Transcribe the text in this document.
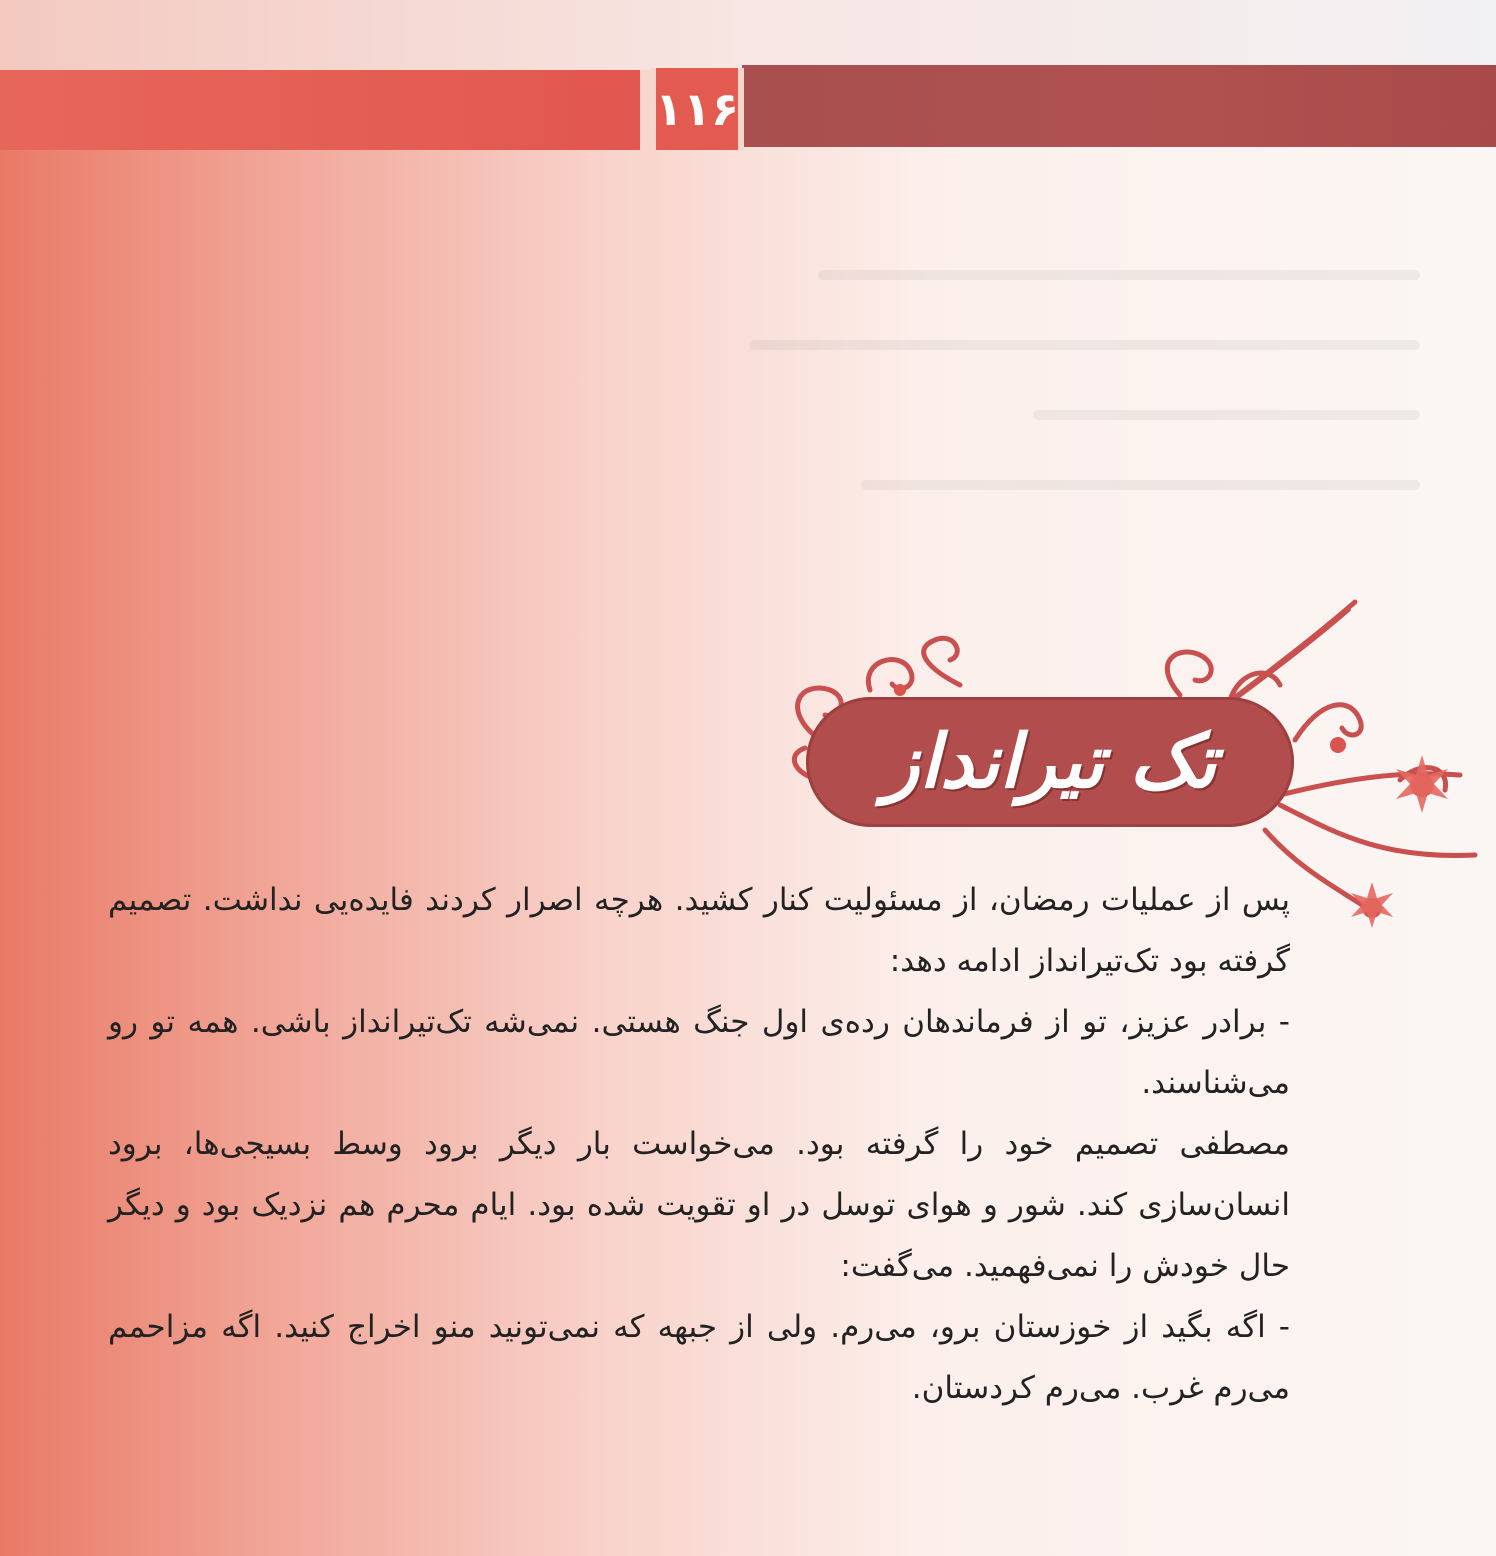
۱۱۶
تک تیرانداز

پس از عملیات رمضان، از مسئولیت کنار کشید. هرچه اصرار کردند فایده‌یی نداشت. تصمیم گرفته بود تک‌تیرانداز ادامه دهد:

- برادر عزیز، تو از فرماندهان رده‌ی اول جنگ هستی. نمی‌شه تک‌تیرانداز باشی. همه تو رو می‌شناسند.

مصطفی تصمیم خود را گرفته بود. می‌خواست بار دیگر برود وسط بسیجی‌ها، برود انسان‌سازی کند. شور و هوای توسل در او تقویت شده بود. ایام محرم هم نزدیک بود و دیگر حال خودش را نمی‌فهمید. می‌گفت:

- اگه بگید از خوزستان برو، می‌رم. ولی از جبهه که نمی‌تونید منو اخراج کنید. اگه مزاحمم می‌رم غرب. می‌رم کردستان.
